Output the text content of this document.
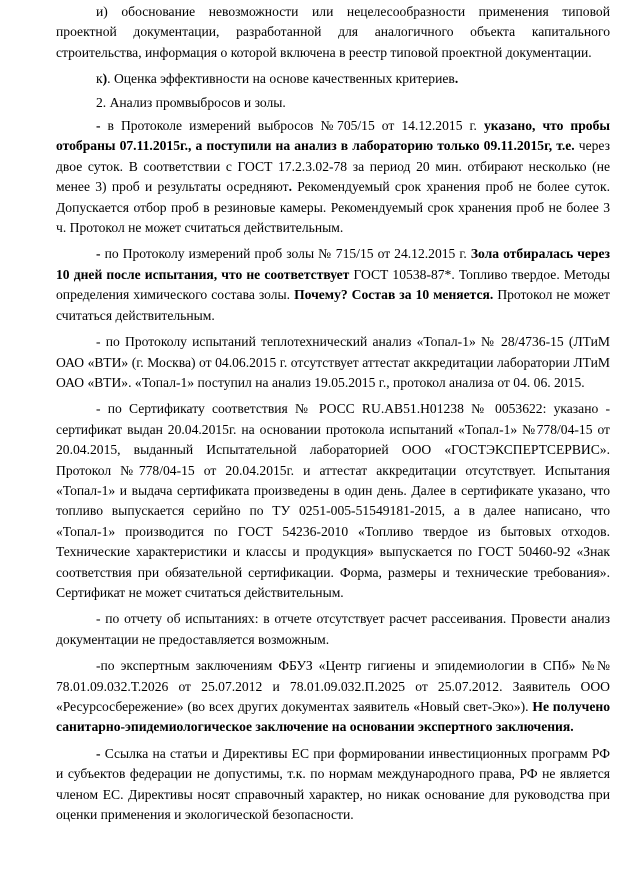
и) обоснование невозможности или нецелесообразности применения типовой проектной документации, разработанной для аналогичного объекта капитального строительства, информация о которой включена в реестр типовой проектной документации.

к). Оценка эффективности на основе качественных критериев.

2. Анализ промвыбросов и золы.

- в Протоколе измерений выбросов №705/15 от 14.12.2015 г. указано, что пробы отобраны 07.11.2015г., а поступили на анализ в лабораторию только 09.11.2015г, т.е. через двое суток. В соответствии с ГОСТ 17.2.3.02-78 за период 20 мин. отбирают несколько (не менее 3) проб и результаты осредняют. Рекомендуемый срок хранения проб не более суток. Допускается отбор проб в резиновые камеры. Рекомендуемый срок хранения проб не более 3 ч. Протокол не может считаться действительным.

- по Протоколу измерений проб золы № 715/15 от 24.12.2015 г. Зола отбиралась через 10 дней после испытания, что не соответствует ГОСТ 10538-87*. Топливо твердое. Методы определения химического состава золы. Почему? Состав за 10 меняется. Протокол не может считаться действительным.

- по Протоколу испытаний теплотехнический анализ «Топал-1» № 28/4736-15 (ЛТиМ ОАО «ВТИ» (г. Москва) от 04.06.2015 г. отсутствует аттестат аккредитации лаборатории ЛТиМ ОАО «ВТИ». «Топал-1» поступил на анализ 19.05.2015 г., протокол анализа от 04. 06. 2015.

- по Сертификату соответствия № РОСС RU.АВ51.Н01238 № 0053622: указано - сертификат выдан 20.04.2015г. на основании протокола испытаний «Топал-1» №778/04-15 от 20.04.2015, выданный Испытательной лабораторией ООО «ГОСТЭКСПЕРТСЕРВИС». Протокол №778/04-15 от 20.04.2015г. и аттестат аккредитации отсутствует. Испытания «Топал-1» и выдача сертификата произведены в один день. Далее в сертификате указано, что топливо выпускается серийно по ТУ 0251-005-51549181-2015, а в далее написано, что «Топал-1» производится по ГОСТ 54236-2010 «Топливо твердое из бытовых отходов. Технические характеристики и классы и продукция» выпускается по ГОСТ 50460-92 «Знак соответствия при обязательной сертификации. Форма, размеры и технические требования». Сертификат не может считаться действительным.

- по отчету об испытаниях: в отчете отсутствует расчет рассеивания. Провести анализ документации не предоставляется возможным.

-по экспертным заключениям ФБУЗ «Центр гигиены и эпидемиологии в СПб» №№ 78.01.09.032.Т.2026 от 25.07.2012 и 78.01.09.032.П.2025 от 25.07.2012. Заявитель ООО «Ресурсосбережение» (во всех других документах заявитель «Новый свет-Эко»). Не получено санитарно-эпидемиологическое заключение на основании экспертного заключения.

- Ссылка на статьи и Директивы ЕС при формировании инвестиционных программ РФ и субъектов федерации не допустимы, т.к. по нормам международного права, РФ не является членом ЕС. Директивы носят справочный характер, но никак основание для руководства при оценки применения и экологической безопасности.
